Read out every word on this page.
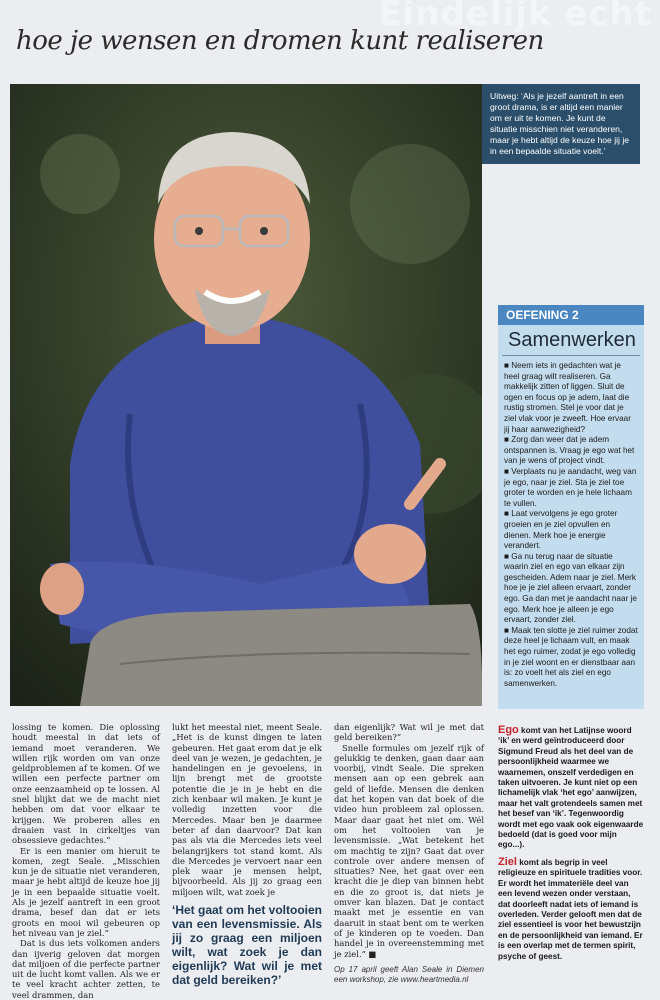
Eindelijk echt
hoe je wensen en dromen kunt realiseren
Uitweg: ‘Als je jezelf aantreft in een groot drama, is er altijd een manier om er uit te komen. Je kunt de situatie misschien niet veranderen, maar je hebt altijd de keuze hoe jij je in een bepaalde situatie voelt.’
OEFENING 2
Samenwerken

■ Neem iets in gedachten wat je heel graag wilt realiseren. Ga makkelijk zitten of liggen. Sluit de ogen en focus op je adem, laat die rustig stromen. Stel je voor dat je ziel vlak voor je zweeft. Hoe ervaar jij haar aanwezigheid?

■ Zorg dan weer dat je adem ontspannen is. Vraag je ego wat het van je wens of project vindt.

■ Verplaats nu je aandacht, weg van je ego, naar je ziel. Sta je ziel toe groter te worden en je hele lichaam te vullen.

■ Laat vervolgens je ego groter groeien en je ziel opvullen en dienen. Merk hoe je energie verandert.

■ Ga nu terug naar de situatie waarin ziel en ego van elkaar zijn gescheiden. Adem naar je ziel. Merk hoe je je ziel alleen ervaart, zonder ego. Ga dan met je aandacht naar je ego. Merk hoe je alleen je ego ervaart, zonder ziel.

■ Maak ten slotte je ziel ruimer zodat deze heel je lichaam vult, en maak het ego ruimer, zodat je ego volledig in je ziel woont en er dienstbaar aan is: zo voelt het als ziel en ego samenwerken.

lossing te komen. Die oplossing houdt meestal in dat iets of iemand moet veranderen. We willen rijk worden om van onze geldproblemen af te komen. Of we willen een perfecte partner om onze eenzaamheid op te lossen. Al snel blijkt dat we de macht niet hebben om dat voor elkaar te krijgen. We proberen alles en draaien vast in cirkeltjes van obsessieve gedachtes.”

Er is een manier om hieruit te komen, zegt Seale. „Misschien kun je de situatie niet veranderen, maar je hebt altijd de keuze hoe jij je in een bepaalde situatie voelt. Als je jezelf aantreft in een groot drama, besef dan dat er iets groots en mooi wil gebeuren op het niveau van je ziel.”

Dat is dus iets volkomen anders dan ijverig geloven dat morgen dat miljoen of die perfecte partner uit de lucht komt vallen. Als we er te veel kracht achter zetten, te veel drammen, dan

lukt het meestal niet, meent Seale. „Het is de kunst dingen te laten gebeuren. Het gaat erom dat je elk deel van je wezen, je gedachten, je handelingen en je gevoelens, in lijn brengt met de grootste potentie die je in je hebt en die zich kenbaar wil maken. Je kunt je volledig inzetten voor die Mercedes. Maar ben je daarmee beter af dan daarvoor? Dat kan pas als via die Mercedes iets veel belangrijkers tot stand komt. Als die Mercedes je vervoert naar een plek waar je mensen helpt, bijvoorbeeld. Als jij zo graag een miljoen wilt, wat zoek je

‘Het gaat om het voltooien van een levensmissie. Als jij zo graag een miljoen wilt, wat zoek je dan eigenlijk? Wat wil je met dat geld bereiken?’

dan eigenlijk? Wat wil je met dat geld bereiken?”

Snelle formules om jezelf rijk of gelukkig te denken, gaan daar aan voorbij, vindt Seale. Die spreken mensen aan op een gebrek aan geld of liefde. Mensen die denken dat het kopen van dat boek of die video hun probleem zal oplossen. Maar daar gaat het niet om. Wél om het voltooien van je levensmissie. „Wat betekent het om machtig te zijn? Gaat dat over controle over andere mensen of situaties? Nee, het gaat over een kracht die je diep van binnen hebt en die zo groot is, dat niets je omver kan blazen. Dat je contact maakt met je essentie en van daaruit in staat bent om te werken of je kinderen op te voeden. Dan handel je in overeenstemming met je ziel.” ■

Op 17 april geeft Alan Seale in Diemen een workshop, zie www.heartmedia.nl

Ego komt van het Latijnse woord ‘ik’ en werd geïntroduceerd door Sigmund Freud als het deel van de persoonlijkheid waarmee we waarnemen, onszelf verdedigen en taken uitvoeren. Je kunt niet op een lichamelijk vlak ‘het ego’ aanwijzen, maar het valt grotendeels samen met het besef van ‘ik’. Tegenwoordig wordt met ego vaak ook eigenwaarde bedoeld (dat is goed voor mijn ego...).

Ziel komt als begrip in veel religieuze en spirituele tradities voor. Er wordt het immateriële deel van een levend wezen onder verstaan, dat doorleeft nadat iets of iemand is overleden. Verder gelooft men dat de ziel essentieel is voor het bewustzijn en de persoonlijkheid van iemand. Er is een overlap met de termen spirit, psyche of geest.
